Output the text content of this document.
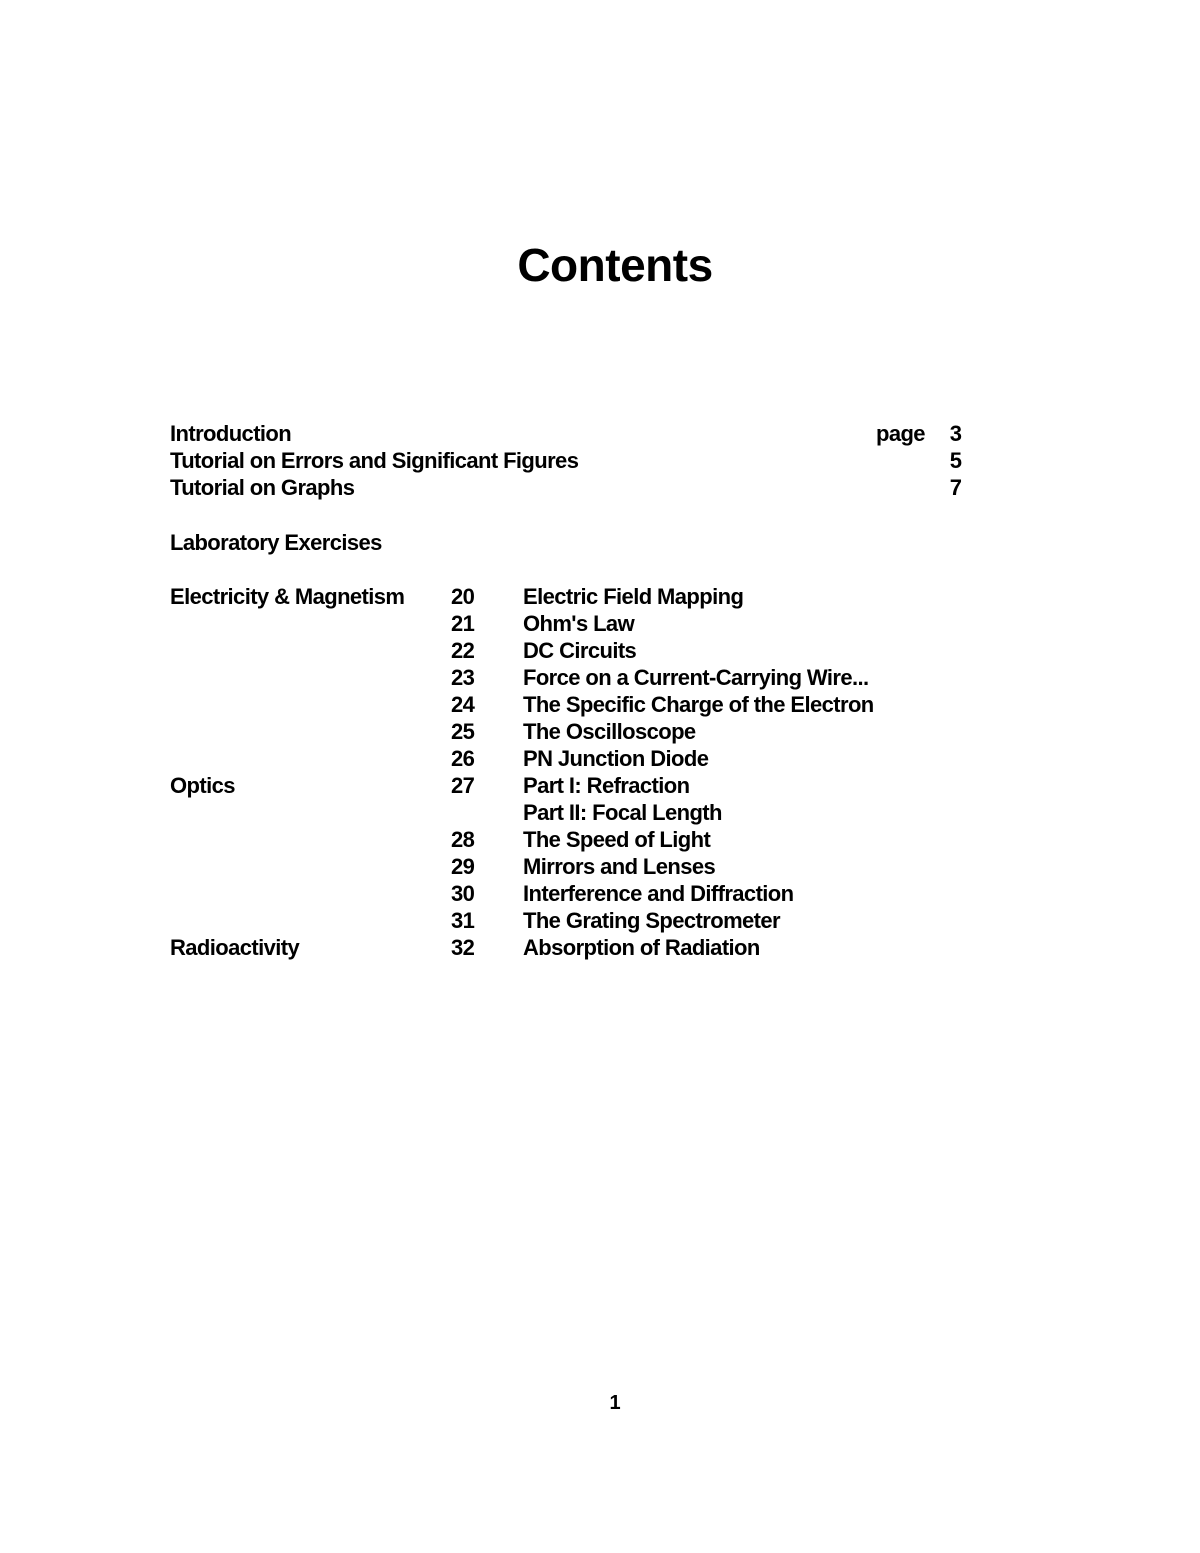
Contents
Introduction	page 3
Tutorial on Errors and Significant Figures	5
Tutorial on Graphs	7
Laboratory Exercises
Electricity & Magnetism 20	Electric Field Mapping
21	Ohm's Law
22	DC Circuits
23	Force on a Current-Carrying Wire...
24	The Specific Charge of the Electron
25	The Oscilloscope
26	PN Junction Diode
Optics	27	Part I: Refraction
Part II: Focal Length
28	The Speed of Light
29	Mirrors and Lenses
30	Interference and Diffraction
31	The Grating Spectrometer
Radioactivity	32	Absorption of Radiation
1
